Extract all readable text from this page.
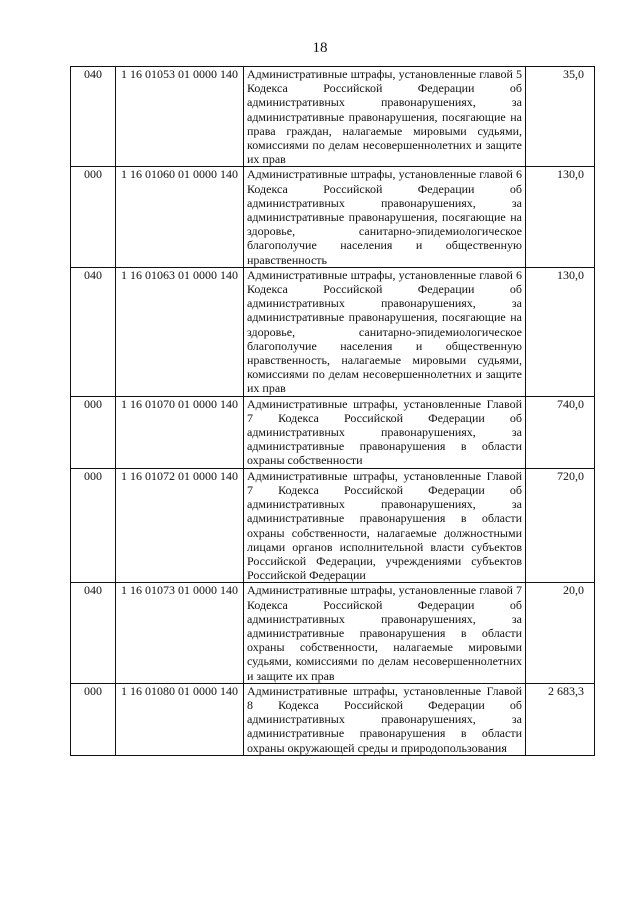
18
040	1 16 01053 01 0000 140	Административные штрафы, установленные главой 5 Кодекса Российской Федерации об административных правонарушениях, за административные правонарушения, посягающие на права граждан, налагаемые мировыми судьями, комиссиями по делам несовершеннолетних и защите их прав	35,0
000	1 16 01060 01 0000 140	Административные штрафы, установленные главой 6 Кодекса Российской Федерации об административных правонарушениях, за административные правонарушения, посягающие на здоровье, санитарно-эпидемиологическое благополучие населения и общественную нравственность	130,0
040	1 16 01063 01 0000 140	Административные штрафы, установленные главой 6 Кодекса Российской Федерации об административных правонарушениях, за административные правонарушения, посягающие на здоровье, санитарно-эпидемиологическое благополучие населения и общественную нравственность, налагаемые мировыми судьями, комиссиями по делам несовершеннолетних и защите их прав	130,0
000	1 16 01070 01 0000 140	Административные штрафы, установленные Главой 7 Кодекса Российской Федерации об административных правонарушениях, за административные правонарушения в области охраны собственности	740,0
000	1 16 01072 01 0000 140	Административные штрафы, установленные Главой 7 Кодекса Российской Федерации об административных правонарушениях, за административные правонарушения в области охраны собственности, налагаемые должностными лицами органов исполнительной власти субъектов Российской Федерации, учреждениями субъектов Российской Федерации	720,0
040	1 16 01073 01 0000 140	Административные штрафы, установленные главой 7 Кодекса Российской Федерации об административных правонарушениях, за административные правонарушения в области охраны собственности, налагаемые мировыми судьями, комиссиями по делам несовершеннолетних и защите их прав	20,0
000	1 16 01080 01 0000 140	Административные штрафы, установленные Главой 8 Кодекса Российской Федерации об административных правонарушениях, за административные правонарушения в области охраны окружающей среды и природопользования	2 683,3
